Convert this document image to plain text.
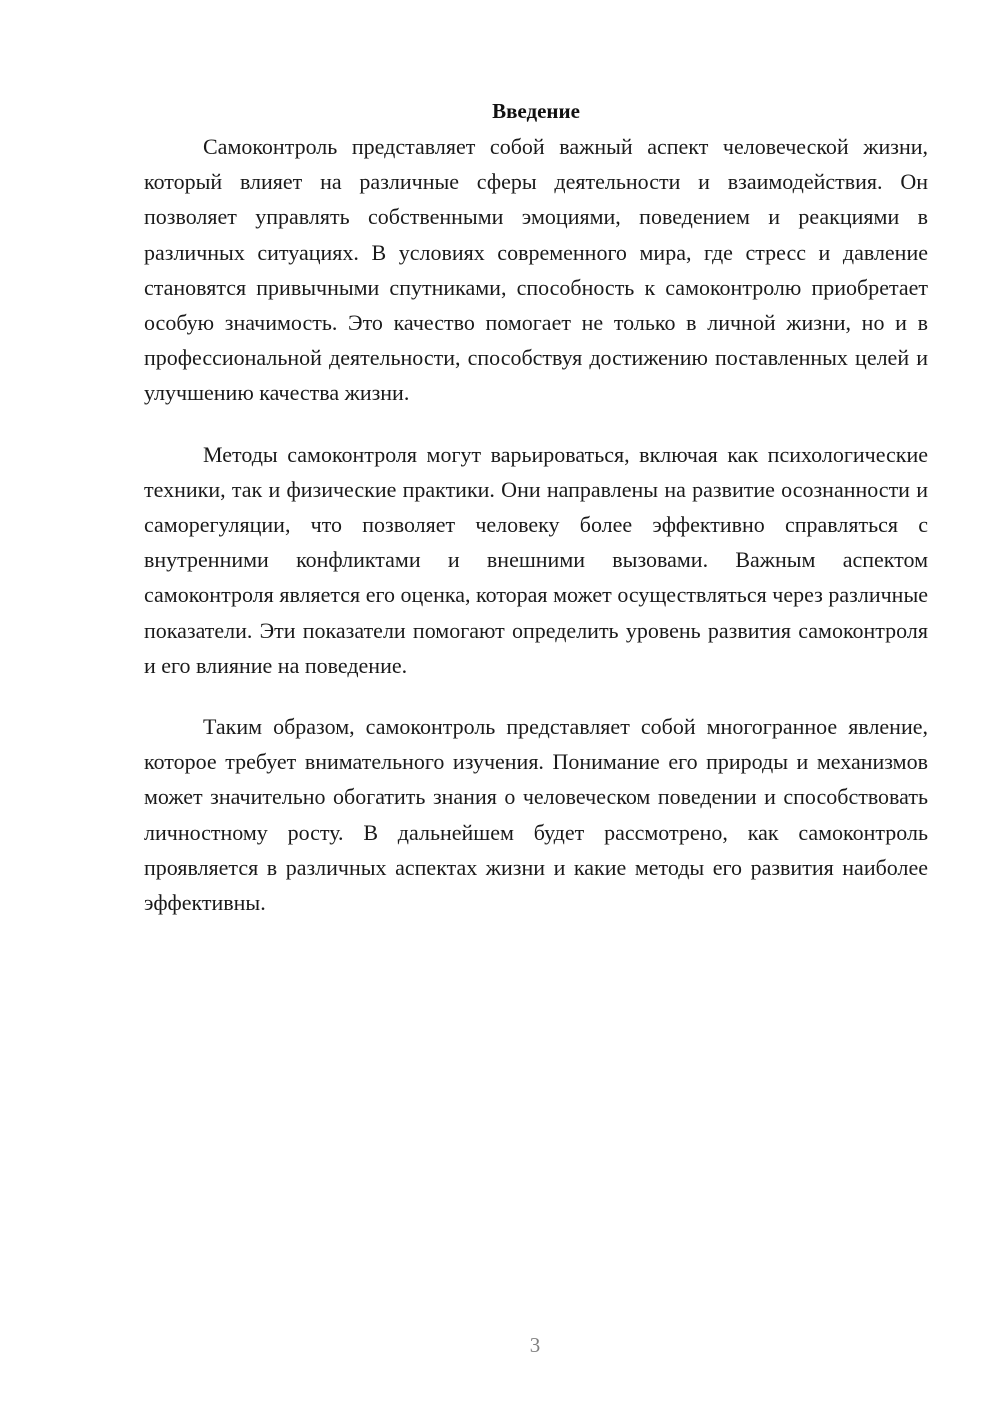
Введение

Самоконтроль представляет собой важный аспект человеческой жизни, который влияет на различные сферы деятельности и взаимодействия. Он позволяет управлять собственными эмоциями, поведением и реакциями в различных ситуациях. В условиях современного мира, где стресс и давление становятся привычными спутниками, способность к самоконтролю приобретает особую значимость. Это качество помогает не только в личной жизни, но и в профессиональной деятельности, способствуя достижению поставленных целей и улучшению качества жизни.

Методы самоконтроля могут варьироваться, включая как психологические техники, так и физические практики. Они направлены на развитие осознанности и саморегуляции, что позволяет человеку более эффективно справляться с внутренними конфликтами и внешними вызовами. Важным аспектом самоконтроля является его оценка, которая может осуществляться через различные показатели. Эти показатели помогают определить уровень развития самоконтроля и его влияние на поведение.

Таким образом, самоконтроль представляет собой многогранное явление, которое требует внимательного изучения. Понимание его природы и механизмов может значительно обогатить знания о человеческом поведении и способствовать личностному росту. В дальнейшем будет рассмотрено, как самоконтроль проявляется в различных аспектах жизни и какие методы его развития наиболее эффективны.

3
